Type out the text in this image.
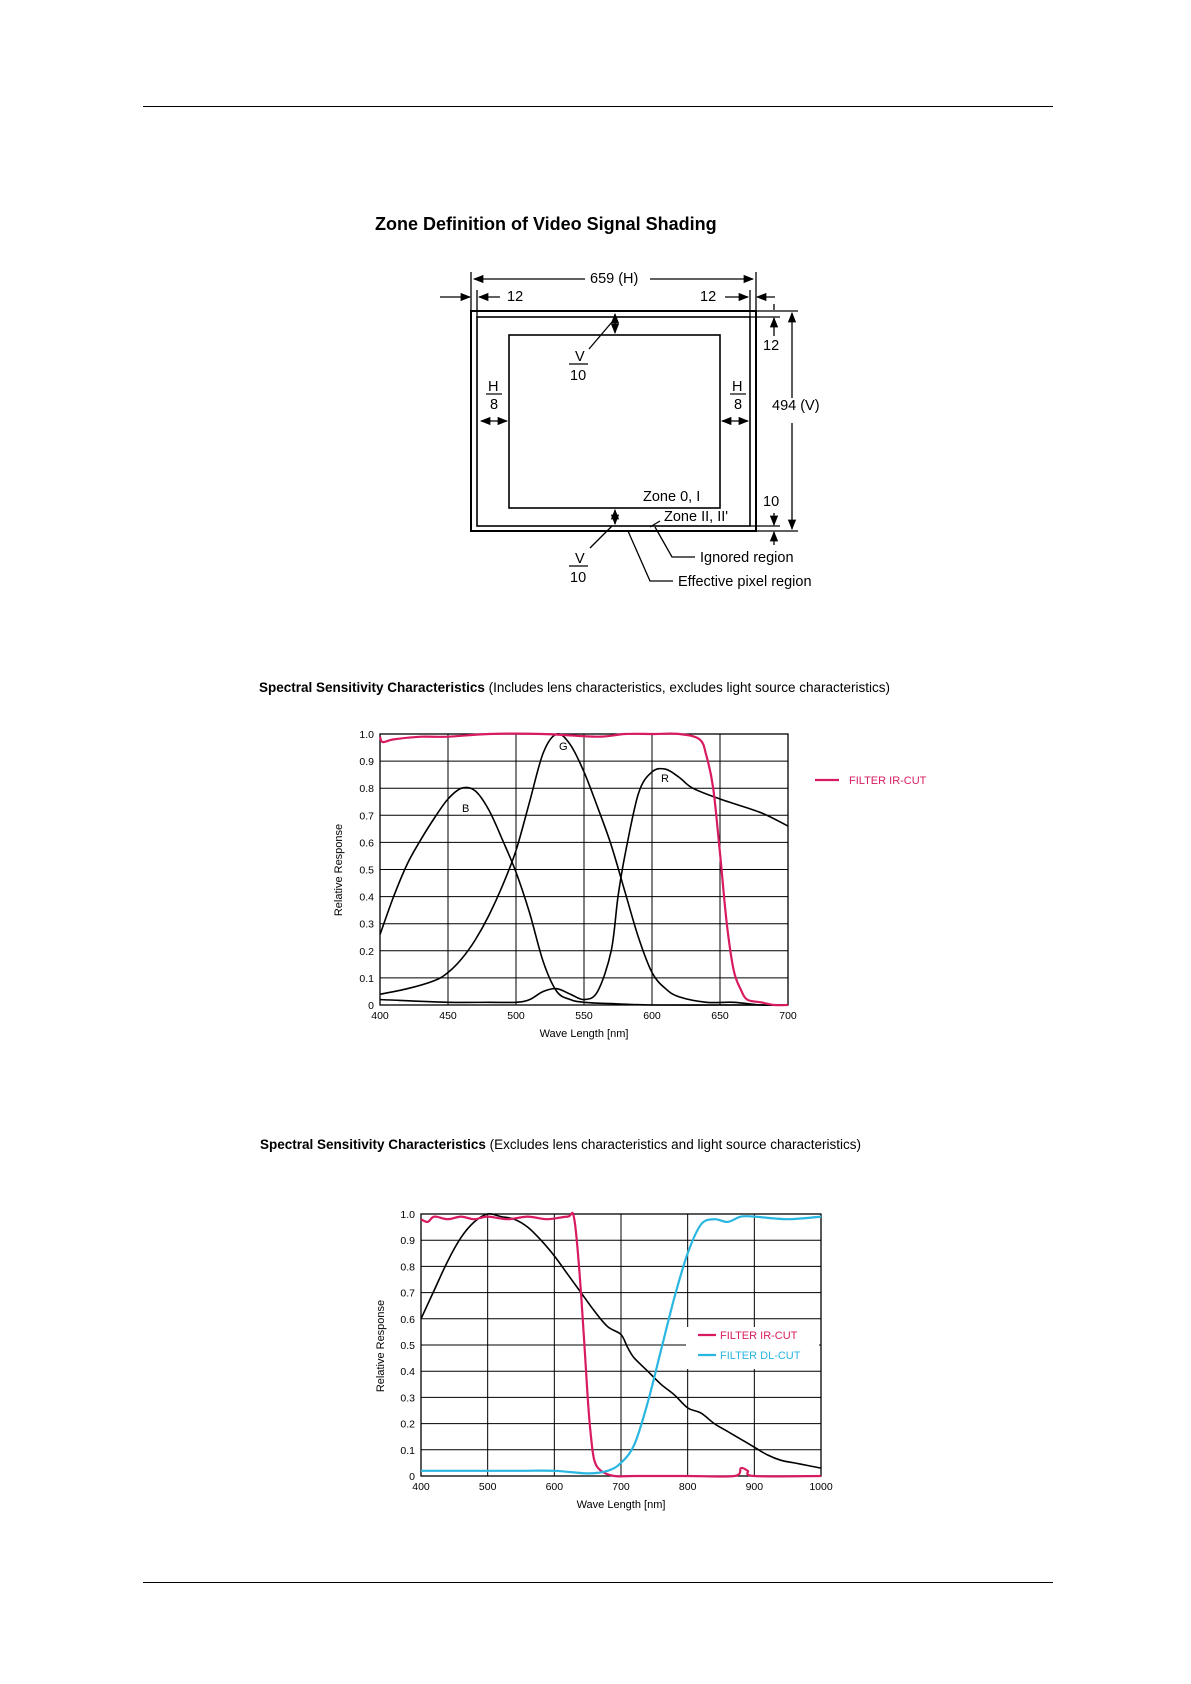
Zone Definition of Video Signal Shading
659 (H)
12	12
494 (V)
12
10
V
10
H
8
H
8
V
10
Zone 0, I
Zone II, II'
Ignored region
Effective pixel region
Spectral Sensitivity Characteristics (Includes lens characteristics, excludes light source characteristics)
0
0.1
0.2
0.3
0.4
0.5
0.6
0.7
0.8
0.9
1.0
400	450	500	550	600	650	700
Wave Length [nm]
Relative Response
B
G
R	FILTER IR-CUT
Spectral Sensitivity Characteristics (Excludes lens characteristics and light source characteristics)
0
0.1
0.2
0.3
0.4
0.5
0.6
0.7
0.8
0.9
1.0
400	500	600	700	800	900	1000
Wave Length [nm]
Relative Response	FILTER IR-CUT
FILTER DL-CUT
